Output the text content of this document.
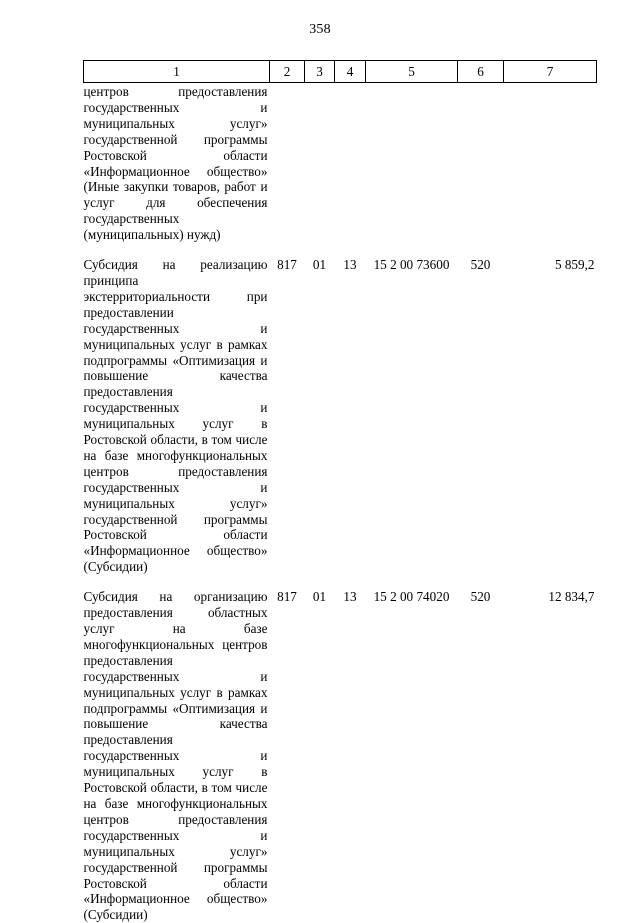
358
1	2	3	4	5	6	7
центров предоставления государственных и муниципальных услуг» государственной программы Ростовской области «Информационное общество» (Иные закупки товаров, работ и услуг для обеспечения государственных (муниципальных) нужд)						

Субсидия на реализацию принципа экстерриториальности при предоставлении государственных и муниципальных услуг в рамках подпрограммы «Оптимизация и повышение качества предоставления государственных и муниципальных услуг в Ростовской области, в том числе на базе многофункциональных центров предоставления государственных и муниципальных услуг» государственной программы Ростовской области «Информационное общество» (Субсидии)	817	01	13	15 2 00 73600	520	5 859,2

Субсидия на организацию предоставления областных услуг на базе многофункциональных центров предоставления государственных и муниципальных услуг в рамках подпрограммы «Оптимизация и повышение качества предоставления государственных и муниципальных услуг в Ростовской области, в том числе на базе многофункциональных центров предоставления государственных и муниципальных услуг» государственной программы Ростовской области «Информационное общество» (Субсидии)	817	01	13	15 2 00 74020	520	12 834,7
